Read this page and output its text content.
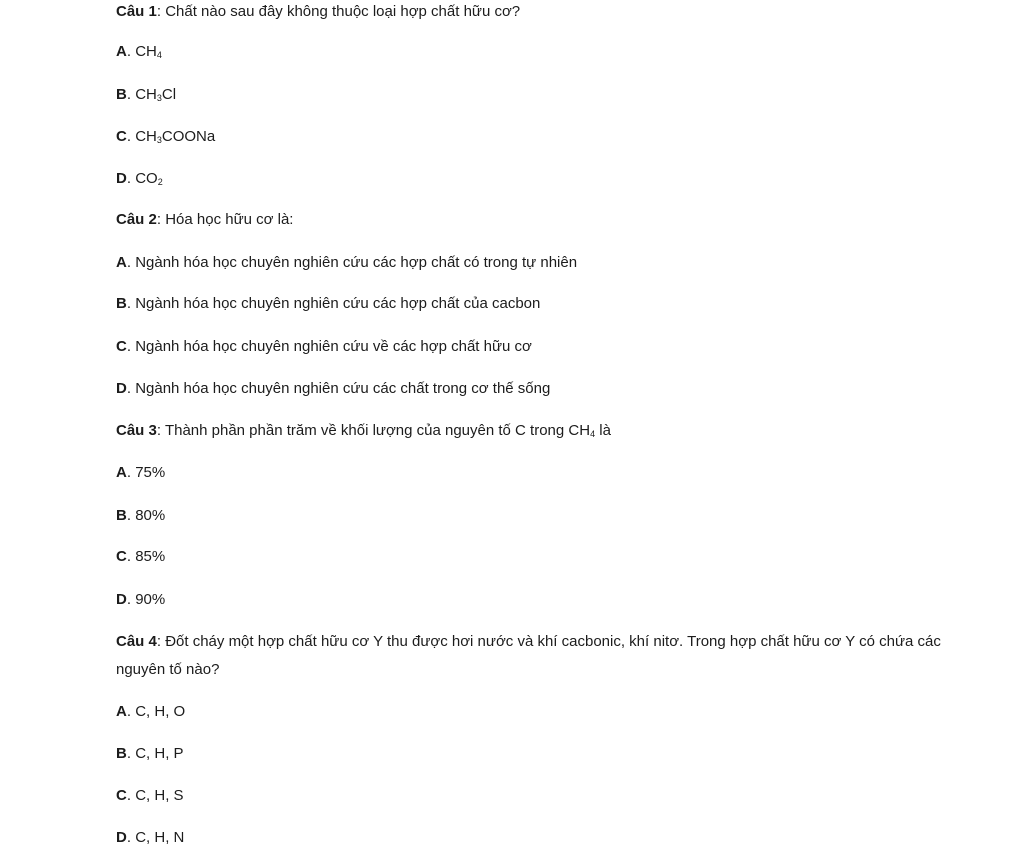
Câu 1: Chất nào sau đây không thuộc loại hợp chất hữu cơ?
A. $CH_4$
B. $CH_3Cl$
C. $CH_3COONa$
D. $CO_2$
Câu 2: Hóa học hữu cơ là:
A. Ngành hóa học chuyên nghiên cứu các hợp chất có trong tự nhiên
B. Ngành hóa học chuyên nghiên cứu các hợp chất của cacbon
C. Ngành hóa học chuyên nghiên cứu về các hợp chất hữu cơ
D. Ngành hóa học chuyên nghiên cứu các chất trong cơ thế sống
Câu 3: Thành phần phần trăm về khối lượng của nguyên tố C trong $CH_4$ là
A. 75%
B. 80%
C. 85%
D. 90%
Câu 4: Đốt cháy một hợp chất hữu cơ Y thu được hơi nước và khí cacbonic, khí nitơ. Trong hợp chất hữu cơ Y có chứa các nguyên tố nào?
A. C, H, O
B. C, H, P
C. C, H, S
D. C, H, N
